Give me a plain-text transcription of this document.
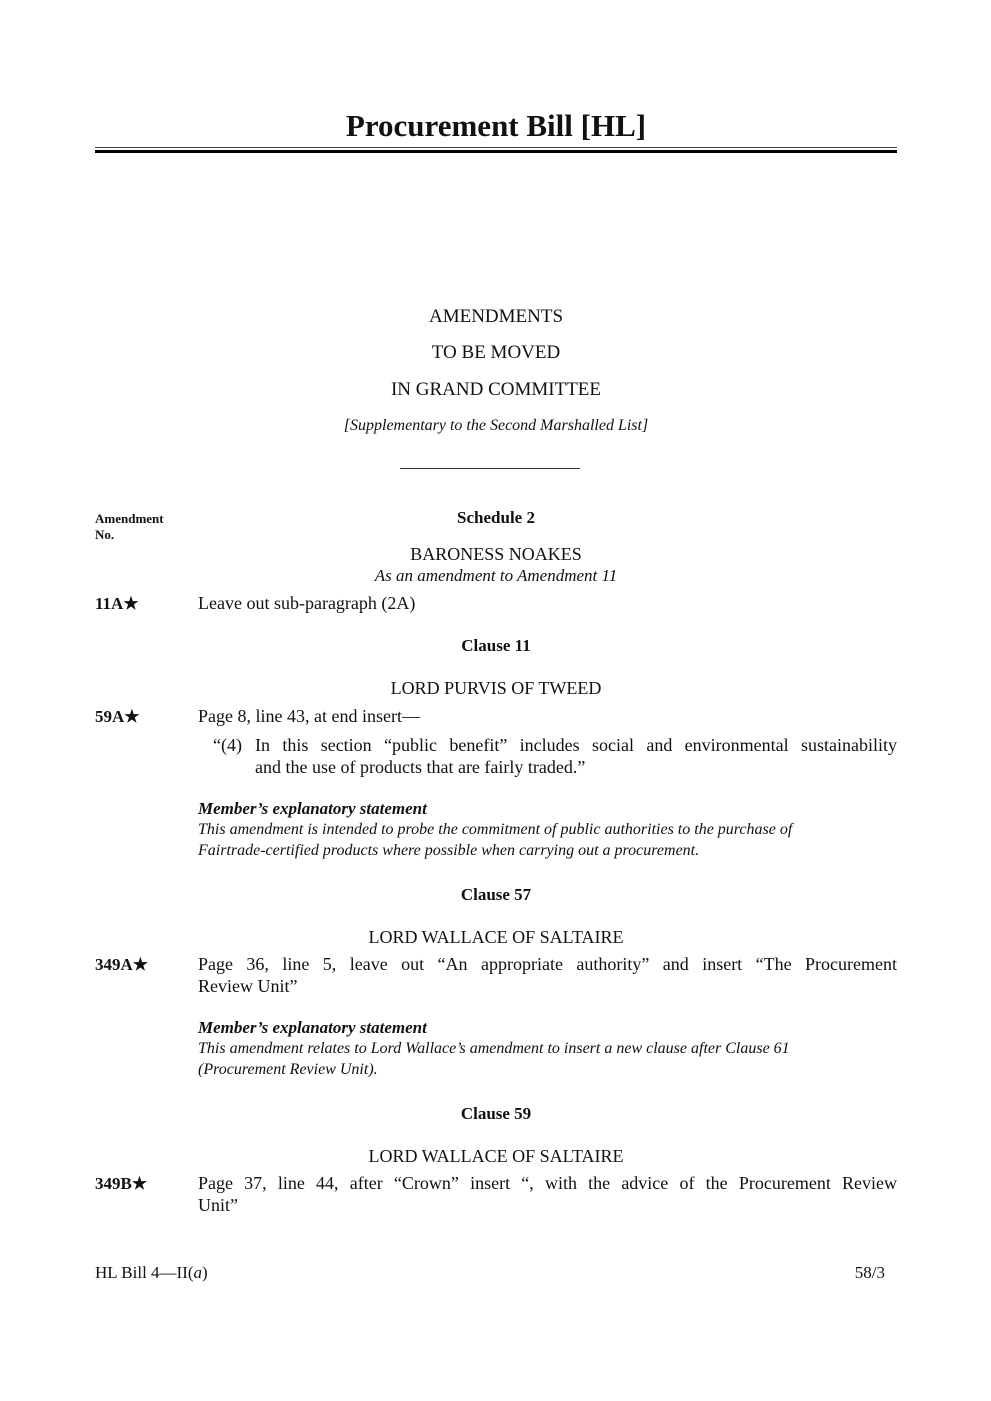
Procurement Bill [HL]
AMENDMENTS
TO BE MOVED
IN GRAND COMMITTEE
[Supplementary to the Second Marshalled List]
Amendment
No.
Schedule 2
BARONESS NOAKES
As an amendment to Amendment 11
11A★	Leave out sub-paragraph (2A)
Clause 11
LORD PURVIS OF TWEED
59A★	Page 8, line 43, at end insert—
“(4) In this section “public benefit” includes social and environmental sustainability
and the use of products that are fairly traded.”
Member’s explanatory statement
This amendment is intended to probe the commitment of public authorities to the purchase of
Fairtrade-certified products where possible when carrying out a procurement.
Clause 57
LORD WALLACE OF SALTAIRE
349A★	Page 36, line 5, leave out “An appropriate authority” and insert “The Procurement
Review Unit”
Member’s explanatory statement
This amendment relates to Lord Wallace’s amendment to insert a new clause after Clause 61
(Procurement Review Unit).
Clause 59
LORD WALLACE OF SALTAIRE
349B★	Page 37, line 44, after “Crown” insert “, with the advice of the Procurement Review
Unit”
HL Bill 4—II(a)	58/3
